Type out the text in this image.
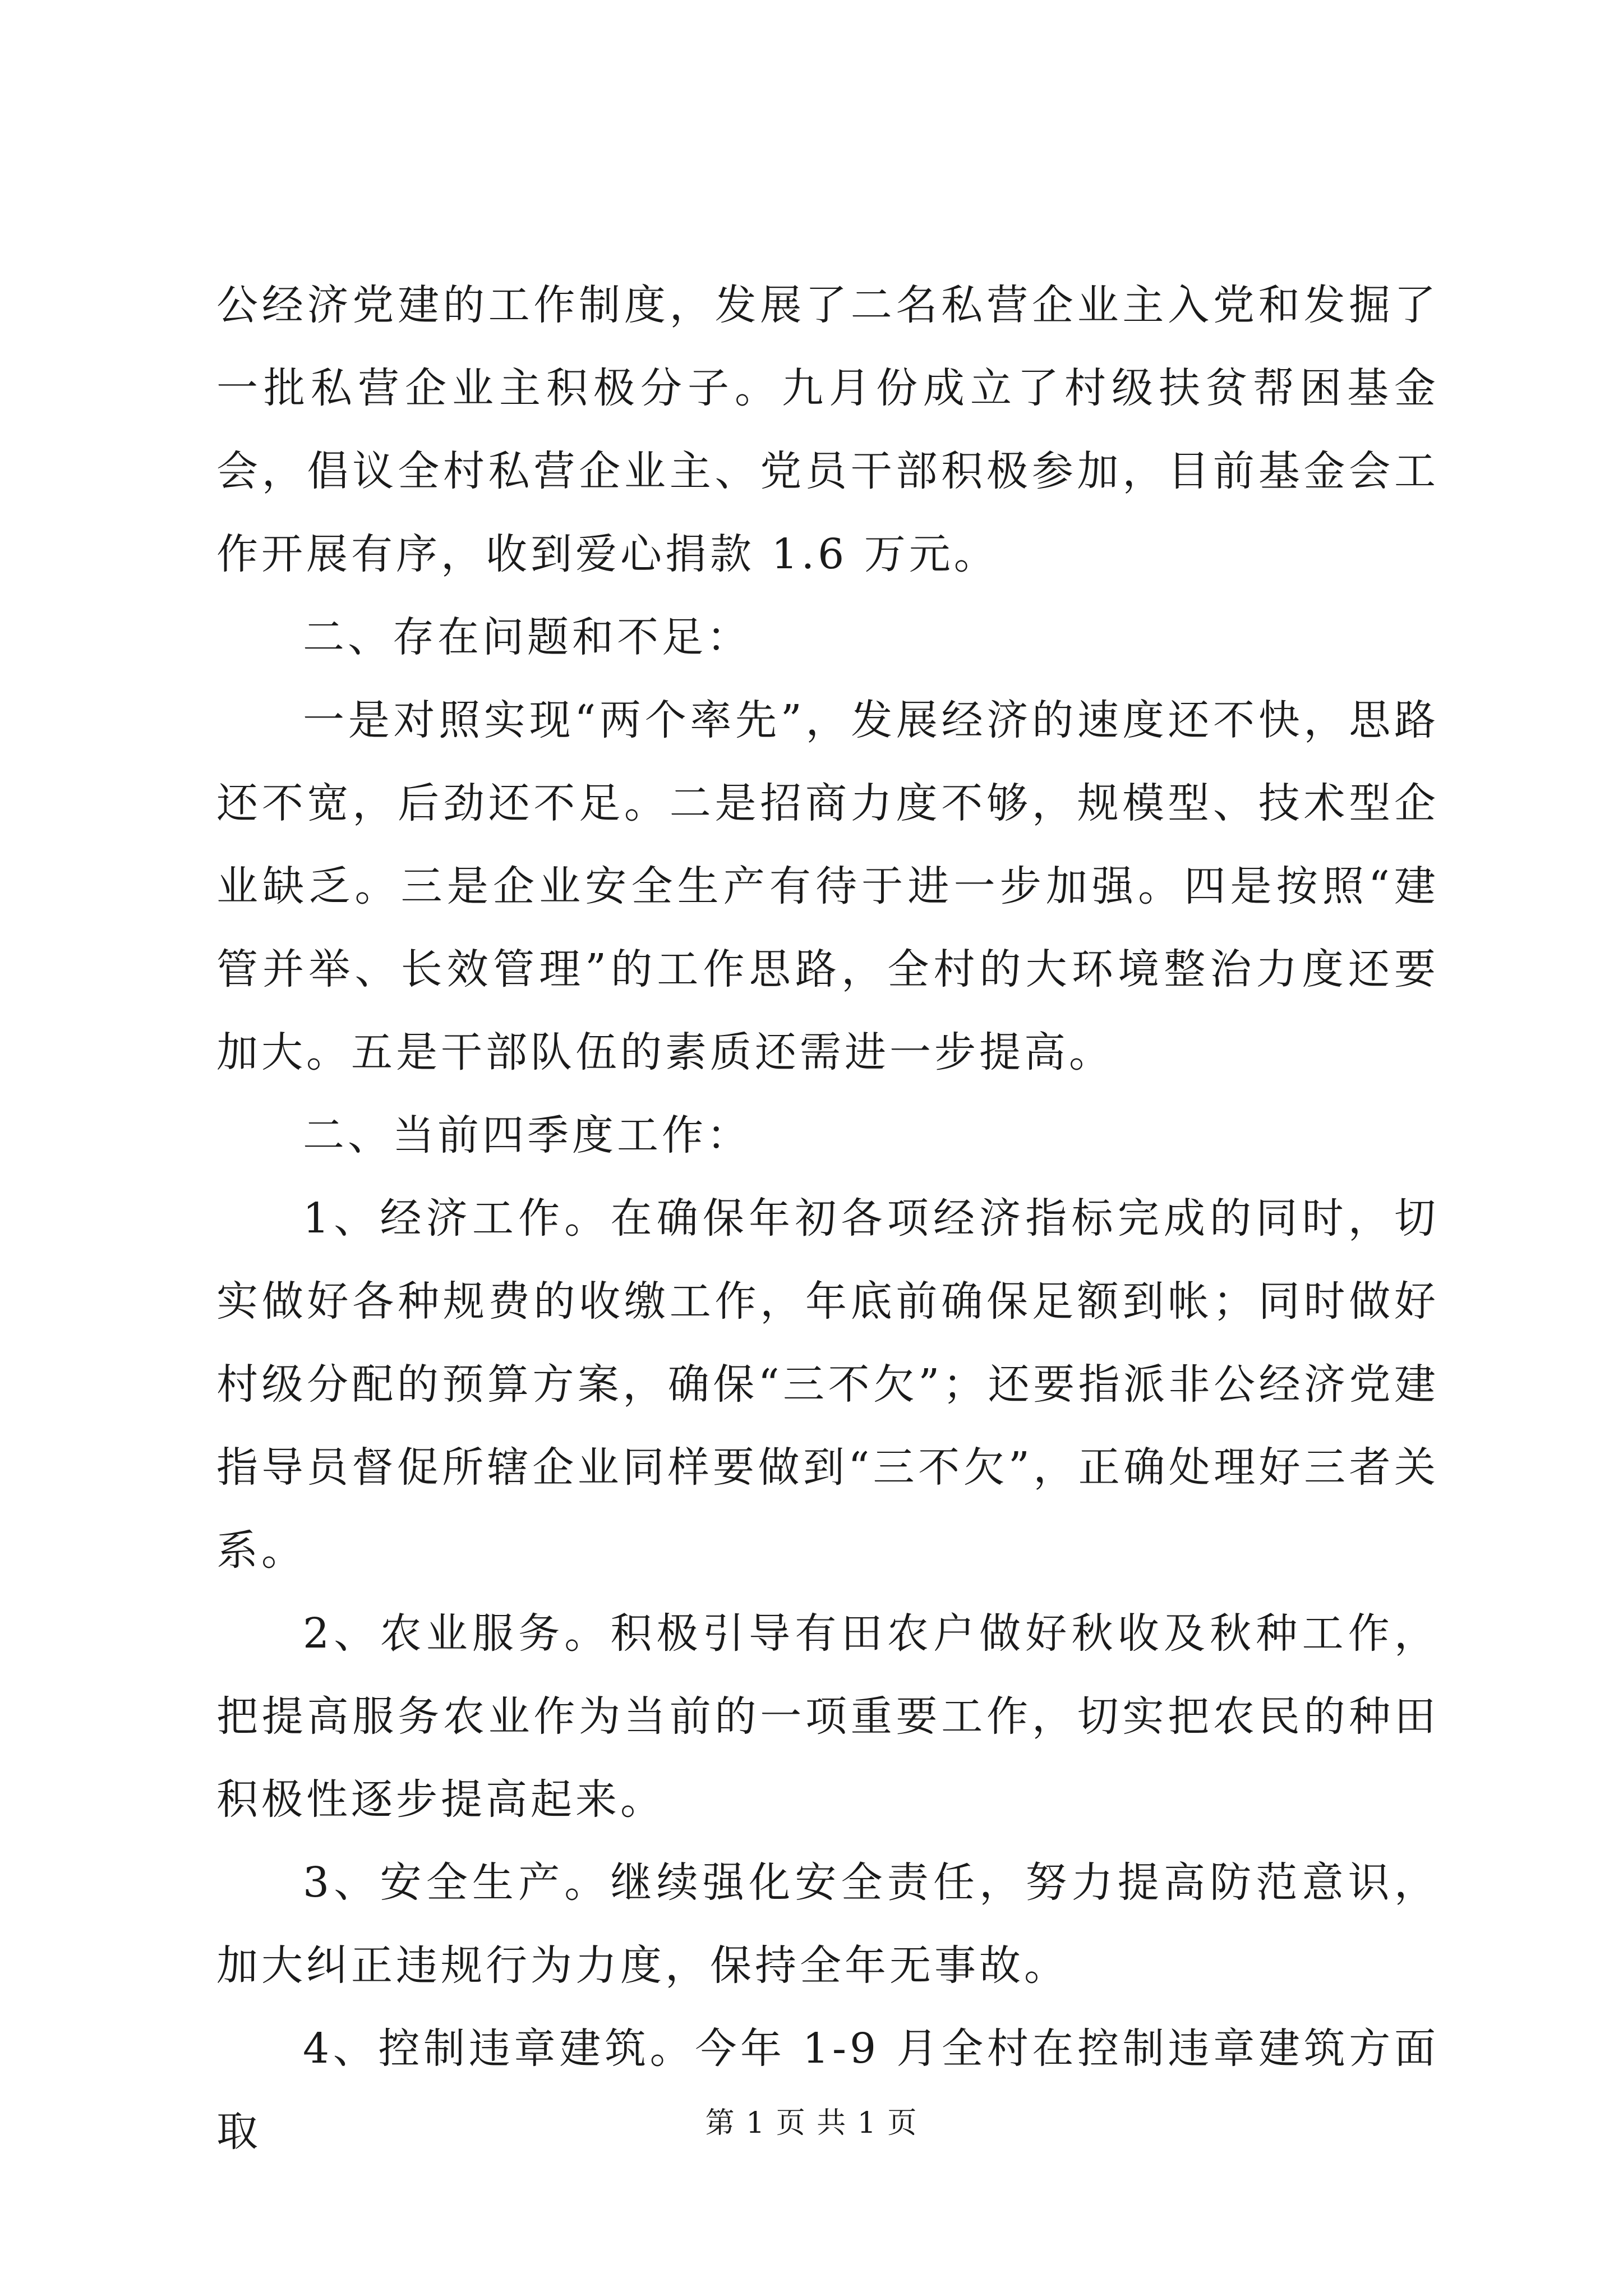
公经济党建的工作制度，发展了二名私营企业主入党和发掘了一批私营企业主积极分子。九月份成立了村级扶贫帮困基金会，倡议全村私营企业主、党员干部积极参加，目前基金会工作开展有序，收到爱心捐款 1.6 万元。

二、存在问题和不足：

一是对照实现“两个率先”，发展经济的速度还不快，思路还不宽，后劲还不足。二是招商力度不够，规模型、技术型企业缺乏。三是企业安全生产有待于进一步加强。四是按照“建管并举、长效管理”的工作思路，全村的大环境整治力度还要加大。五是干部队伍的素质还需进一步提高。

二、当前四季度工作：

1、经济工作。在确保年初各项经济指标完成的同时，切实做好各种规费的收缴工作，年底前确保足额到帐；同时做好村级分配的预算方案，确保“三不欠”；还要指派非公经济党建指导员督促所辖企业同样要做到“三不欠”，正确处理好三者关系。

2、农业服务。积极引导有田农户做好秋收及秋种工作，把提高服务农业作为当前的一项重要工作，切实把农民的种田积极性逐步提高起来。

3、安全生产。继续强化安全责任，努力提高防范意识，加大纠正违规行为力度，保持全年无事故。

4、控制违章建筑。今年 1-9 月全村在控制违章建筑方面取	第 1 页 共 1 页
